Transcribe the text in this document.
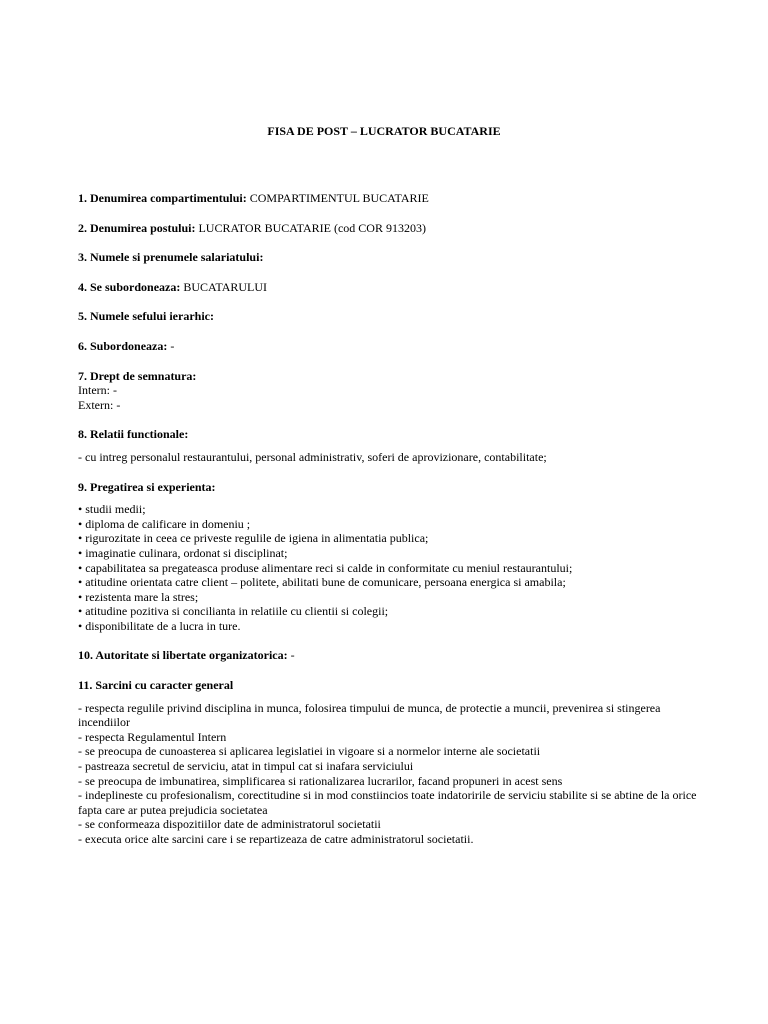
FISA DE POST – LUCRATOR BUCATARIE
1. Denumirea compartimentului: COMPARTIMENTUL BUCATARIE
2. Denumirea postului: LUCRATOR BUCATARIE (cod COR 913203)
3. Numele si prenumele salariatului:
4. Se subordoneaza: BUCATARULUI
5. Numele sefului ierarhic:
6. Subordoneaza: -
7. Drept de semnatura:
Intern: -
Extern: -
8. Relatii functionale:
- cu intreg personalul restaurantului, personal administrativ, soferi de aprovizionare, contabilitate;
9. Pregatirea si experienta:
• studii medii;
• diploma de calificare in domeniu ;
• rigurozitate in ceea ce priveste regulile de igiena in alimentatia publica;
• imaginatie culinara, ordonat si disciplinat;
• capabilitatea sa pregateasca produse alimentare reci si calde in conformitate cu meniul restaurantului;
• atitudine orientata catre client – politete, abilitati bune de comunicare, persoana energica si amabila;
• rezistenta mare la stres;
• atitudine pozitiva si concilianta in relatiile cu clientii si colegii;
• disponibilitate de a lucra in ture.
10. Autoritate si libertate organizatorica: -
11. Sarcini cu caracter general
- respecta regulile privind disciplina in munca, folosirea timpului de munca, de protectie a muncii, prevenirea si stingerea incendiilor
- respecta Regulamentul Intern
- se preocupa de cunoasterea si aplicarea legislatiei in vigoare si a normelor interne ale societatii
- pastreaza secretul de serviciu, atat in timpul cat si inafara serviciului
- se preocupa de imbunatirea, simplificarea si rationalizarea lucrarilor, facand propuneri in acest sens
- indeplineste cu profesionalism, corectitudine si in mod constiincios toate indatoririle de serviciu stabilite si se abtine de la orice fapta care ar putea prejudicia societatea
- se conformeaza dispozitiilor date de administratorul societatii
- executa orice alte sarcini care i se repartizeaza de catre administratorul societatii.
